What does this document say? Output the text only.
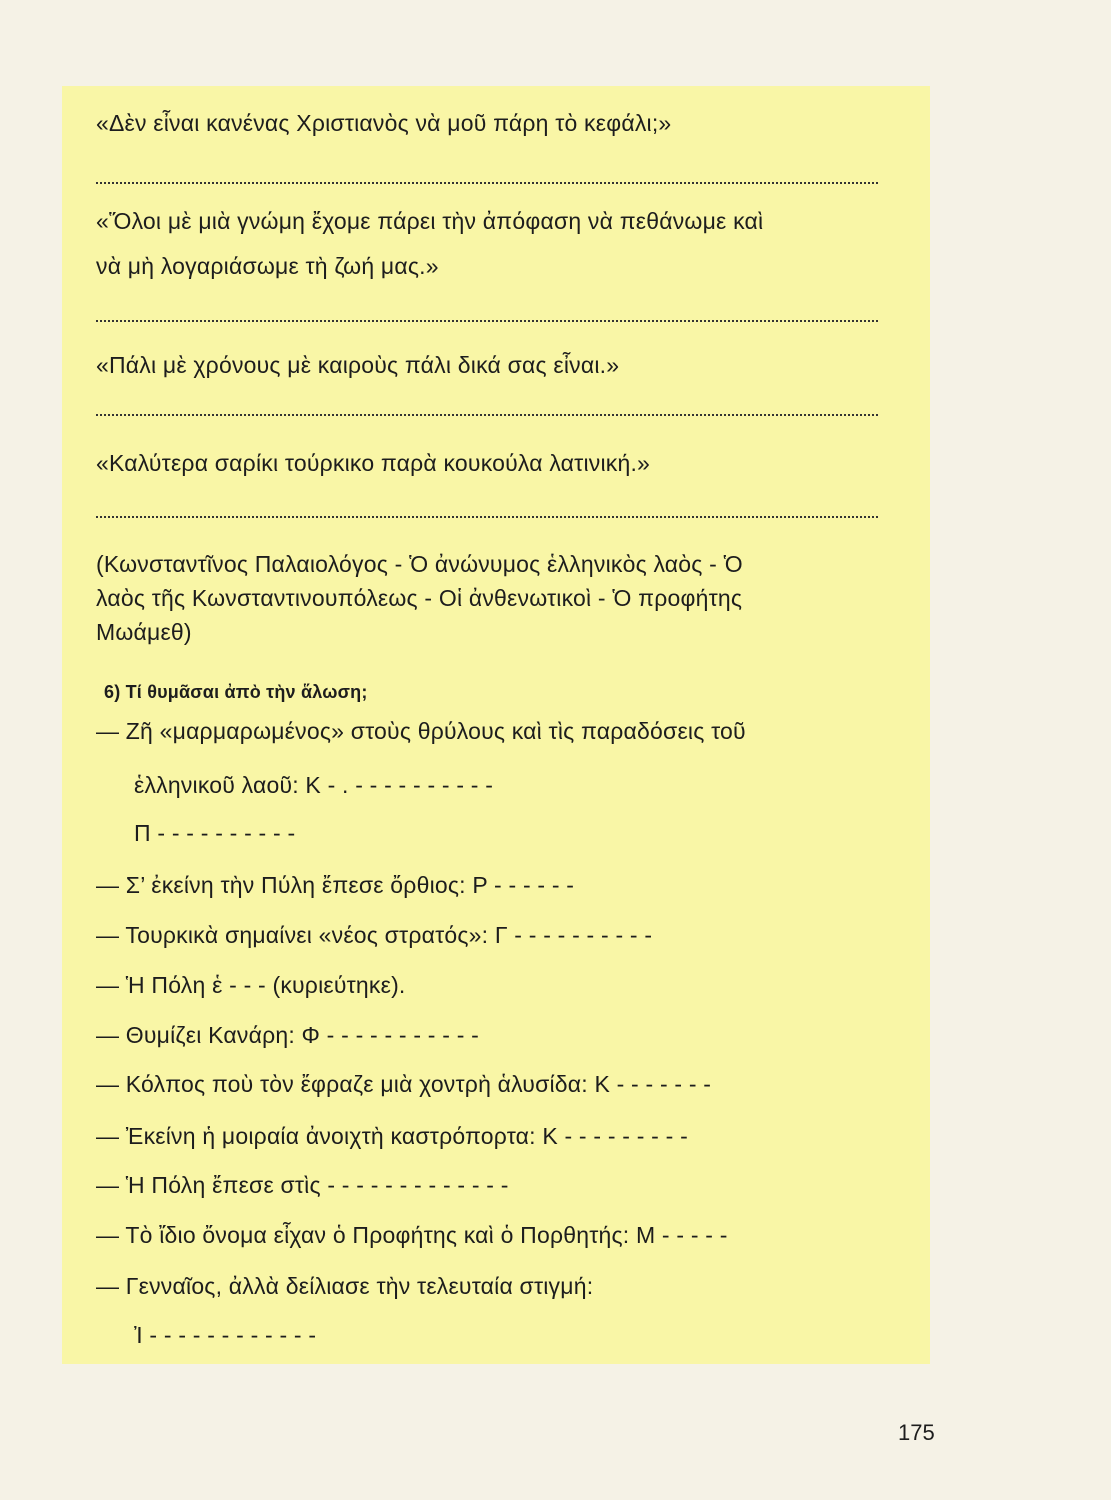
«Δὲν εἶναι κανένας Χριστιανὸς νὰ μοῦ πάρη τὸ κεφάλι;»
«Ὅλοι μὲ μιὰ γνώμη ἔχομε πάρει τὴν ἀπόφαση νὰ πεθάνωμε καὶ
νὰ μὴ λογαριάσωμε τὴ ζωή μας.»
«Πάλι μὲ χρόνους μὲ καιροὺς πάλι δικά σας εἶναι.»
«Καλύτερα σαρίκι τούρκικο παρὰ κουκούλα λατινική.»
(Κωνσταντῖνος Παλαιολόγος - Ὁ ἀνώνυμος ἑλληνικὸς λαὸς - Ὁ
λαὸς τῆς Κωνσταντινουπόλεως - Οἱ ἀνθενωτικοὶ - Ὁ προφήτης
Μωάμεθ)
6) Τί θυμᾶσαι ἀπὸ τὴν ἅλωση;
— Ζῆ «μαρμαρωμένος» στοὺς θρύλους καὶ τὶς παραδόσεις τοῦ
ἑλληνικοῦ λαοῦ: Κ - . - - - - - - - - - -
Π - - - - - - - - - -
— Σ’ ἐκείνη τὴν Πύλη ἔπεσε ὄρθιος: Ρ - - - - - -
— Τουρκικὰ σημαίνει «νέος στρατός»: Γ - - - - - - - - - -
— Ἡ Πόλη ἑ - - - (κυριεύτηκε).
— Θυμίζει Κανάρη: Φ - - - - - - - - - - -
— Κόλπος ποὺ τὸν ἔφραζε μιὰ χοντρὴ ἁλυσίδα: Κ - - - - - - -
— Ἐκείνη ἡ μοιραία ἀνοιχτὴ καστρόπορτα: Κ - - - - - - - - -
— Ἡ Πόλη ἔπεσε στὶς - - - - - - - - - - - - -
— Τὸ ἴδιο ὄνομα εἶχαν ὁ Προφήτης καὶ ὁ Πορθητής: Μ - - - - -
— Γενναῖος, ἀλλὰ δείλιασε τὴν τελευταία στιγμή:
Ἰ - - - - - - - - - - - -
175
